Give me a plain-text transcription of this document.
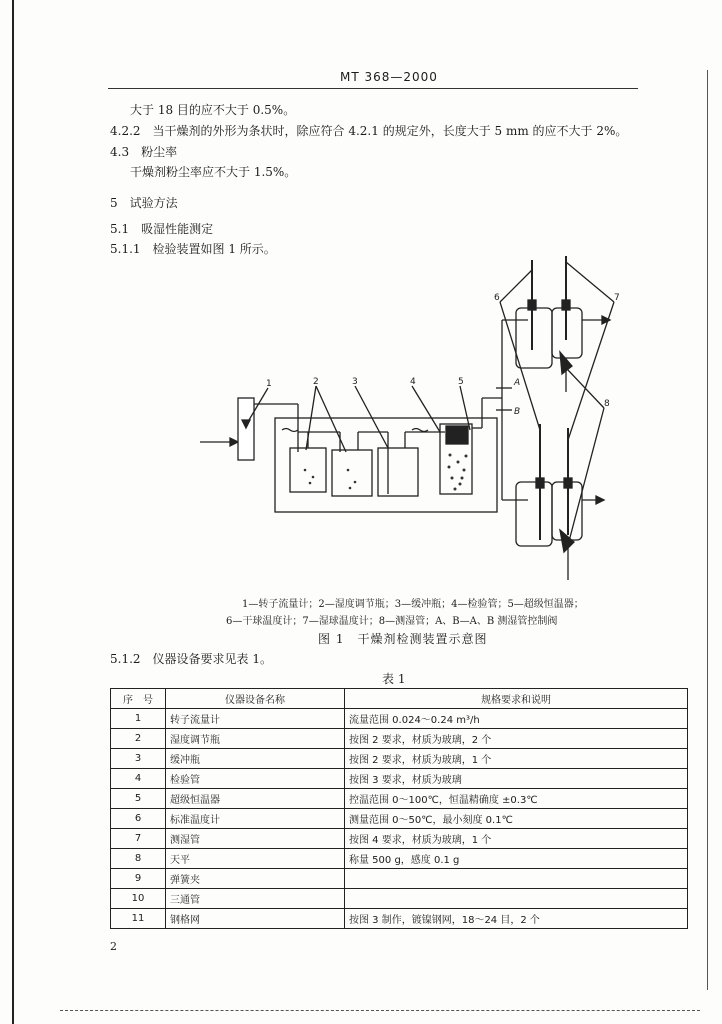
MT 368—2000
大于 18 目的应不大于 0.5%。
4.2.2　当干燥剂的外形为条状时，除应符合 4.2.1 的规定外，长度大于 5 mm 的应不大于 2%。
4.3　粉尘率
干燥剂粉尘率应不大于 1.5%。
5　试验方法
5.1　吸湿性能测定
5.1.1　检验装置如图 1 所示。
1	2	3	4	5
6	7
8
A
B
1—转子流量计；2—湿度调节瓶；3—缓冲瓶；4—检验管；5—超级恒温器；
6—干球温度计；7—湿球温度计；8—测湿管；A、B—A、B 测湿管控制阀
图 1　干燥剂检测装置示意图
5.1.2　仪器设备要求见表 1。
表 1
序　号	仪器设备名称	规格要求和说明
1	转子流量计	流量范围 0.024～0.24 m³/h
2	湿度调节瓶	按图 2 要求，材质为玻璃，2 个
3	缓冲瓶	按图 2 要求，材质为玻璃，1 个
4	检验管	按图 3 要求，材质为玻璃
5	超级恒温器	控温范围 0～100℃，恒温精确度 ±0.3℃
6	标准温度计	测量范围 0～50℃，最小刻度 0.1℃
7	测湿管	按图 4 要求，材质为玻璃，1 个
8	天平	称量 500 g，感度 0.1 g
9	弹簧夹	
10	三通管	
11	钢格网	按图 3 制作，镀镍钢网，18～24 目，2 个
2
